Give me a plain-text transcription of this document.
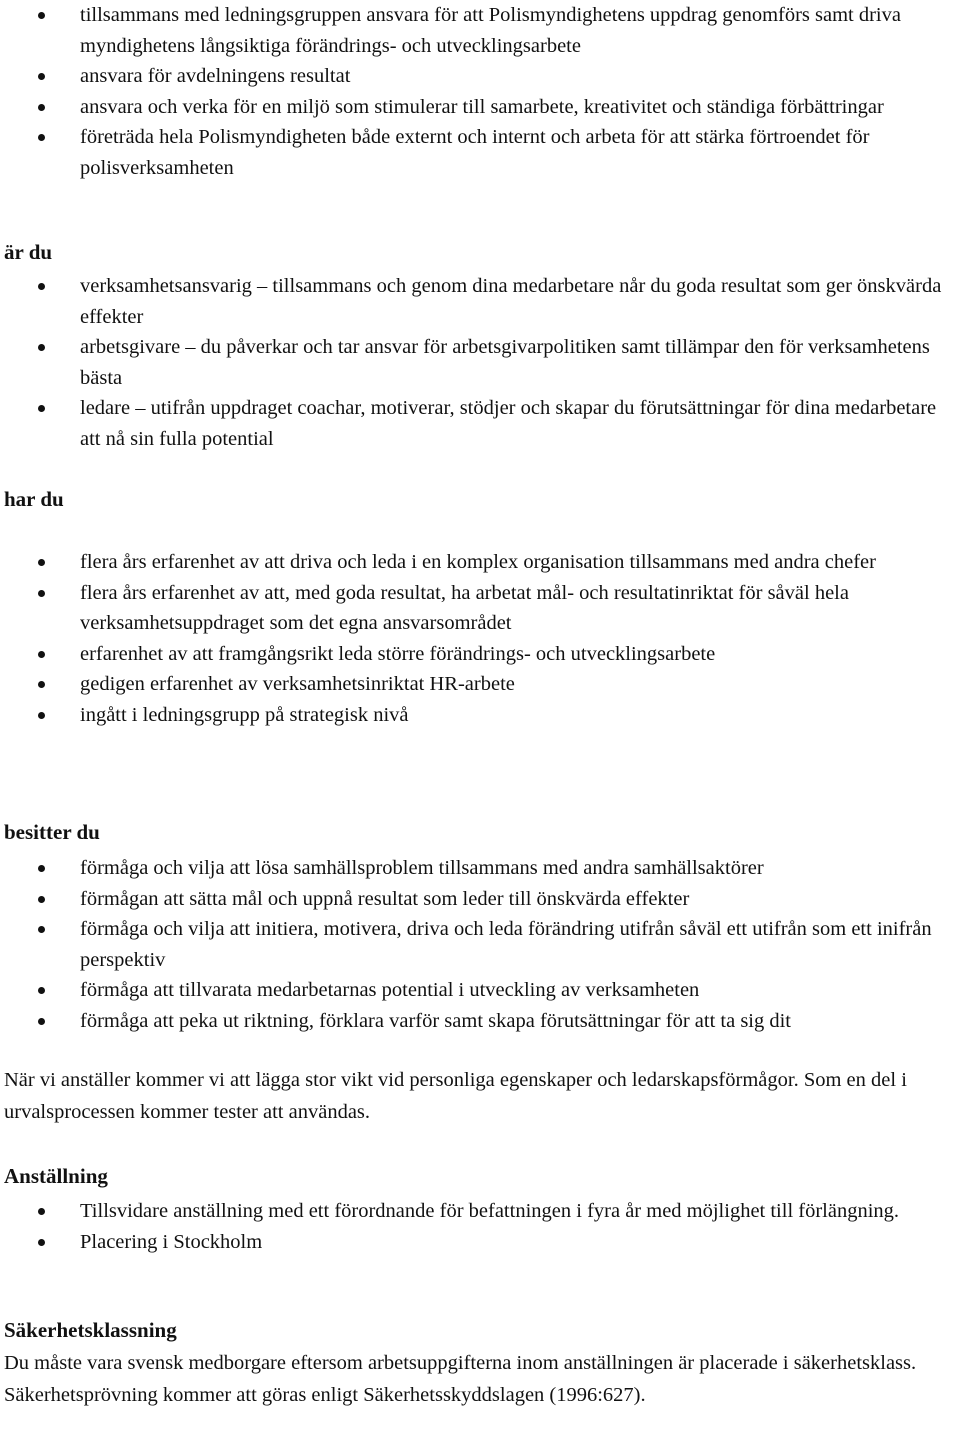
tillsammans med ledningsgruppen ansvara för att Polismyndighetens uppdrag genomförs samt driva myndighetens långsiktiga förändrings- och utvecklingsarbete
ansvara för avdelningens resultat
ansvara och verka för en miljö som stimulerar till samarbete, kreativitet och ständiga förbättringar
företräda hela Polismyndigheten både externt och internt och arbeta för att stärka förtroendet för polisverksamheten
är du
verksamhetsansvarig – tillsammans och genom dina medarbetare når du goda resultat som ger önskvärda effekter
arbetsgivare – du påverkar och tar ansvar för arbetsgivarpolitiken samt tillämpar den för verksamhetens bästa
ledare – utifrån uppdraget coachar, motiverar, stödjer och skapar du förutsättningar för dina medarbetare att nå sin fulla potential
har du
flera års erfarenhet av att driva och leda i en komplex organisation tillsammans med andra chefer
flera års erfarenhet av att, med goda resultat, ha arbetat mål- och resultatinriktat för såväl hela verksamhetsuppdraget som det egna ansvarsområdet
erfarenhet av att framgångsrikt leda större förändrings- och utvecklingsarbete
gedigen erfarenhet av verksamhetsinriktat HR-arbete
ingått i ledningsgrupp på strategisk nivå
besitter du
förmåga och vilja att lösa samhällsproblem tillsammans med andra samhällsaktörer
förmågan att sätta mål och uppnå resultat som leder till önskvärda effekter
förmåga och vilja att initiera, motivera, driva och leda förändring utifrån såväl ett utifrån som ett inifrån perspektiv
förmåga att tillvarata medarbetarnas potential i utveckling av verksamheten
förmåga att peka ut riktning, förklara varför samt skapa förutsättningar för att ta sig dit

När vi anställer kommer vi att lägga stor vikt vid personliga egenskaper och ledarskapsförmågor. Som en del i urvalsprocessen kommer tester att användas.

Anställning
Tillsvidare anställning med ett förordnande för befattningen i fyra år med möjlighet till förlängning.
Placering i Stockholm
Säkerhetsklassning

Du måste vara svensk medborgare eftersom arbetsuppgifterna inom anställningen är placerade i säkerhetsklass. Säkerhetsprövning kommer att göras enligt Säkerhetsskyddslagen (1996:627).
